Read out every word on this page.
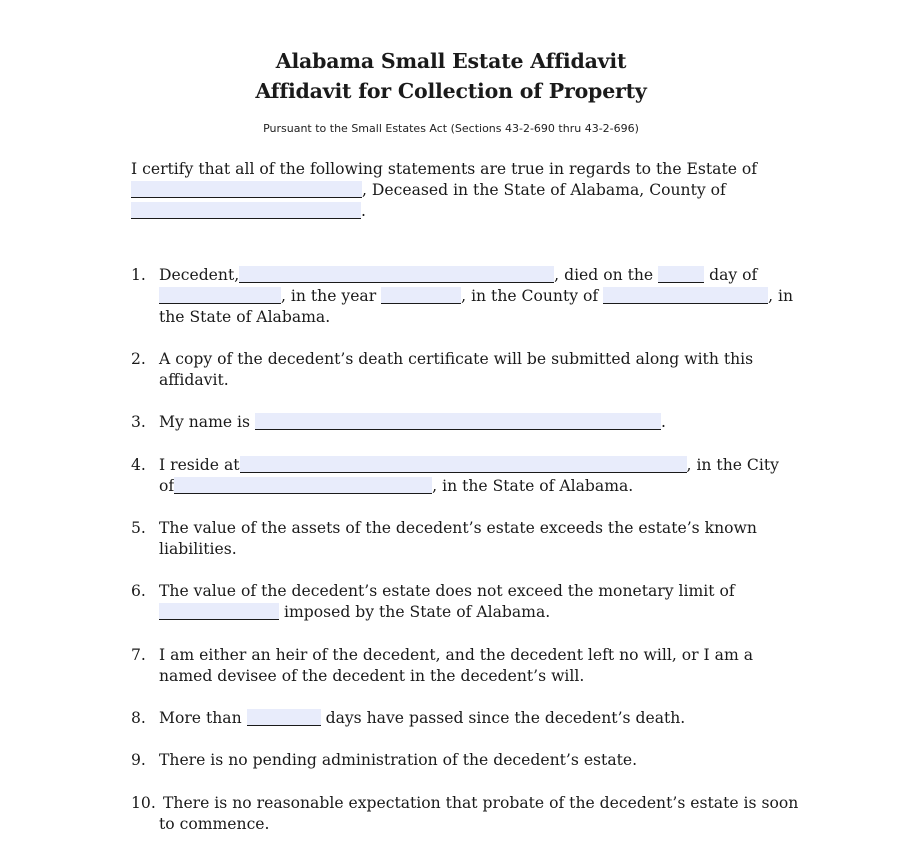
Alabama Small Estate Affidavit
Affidavit for Collection of Property
Pursuant to the Small Estates Act (Sections 43-2-690 thru 43-2-696)
I certify that all of the following statements are true in regards to the Estate of
, Deceased in the State of Alabama, County of
.
1. Decedent,	, died on the	day of
, in the year	, in the County of	, in
the State of Alabama.
2. A copy of the decedent’s death certificate will be submitted along with this
affidavit.
3. My name is	.
4. I reside at	, in the City
of	, in the State of Alabama.
5. The value of the assets of the decedent’s estate exceeds the estate’s known
liabilities.
6. The value of the decedent’s estate does not exceed the monetary limit of
imposed by the State of Alabama.
7. I am either an heir of the decedent, and the decedent left no will, or I am a
named devisee of the decedent in the decedent’s will.
8. More than	days have passed since the decedent’s death.
9. There is no pending administration of the decedent’s estate.
10. There is no reasonable expectation that probate of the decedent’s estate is soon
to commence.
